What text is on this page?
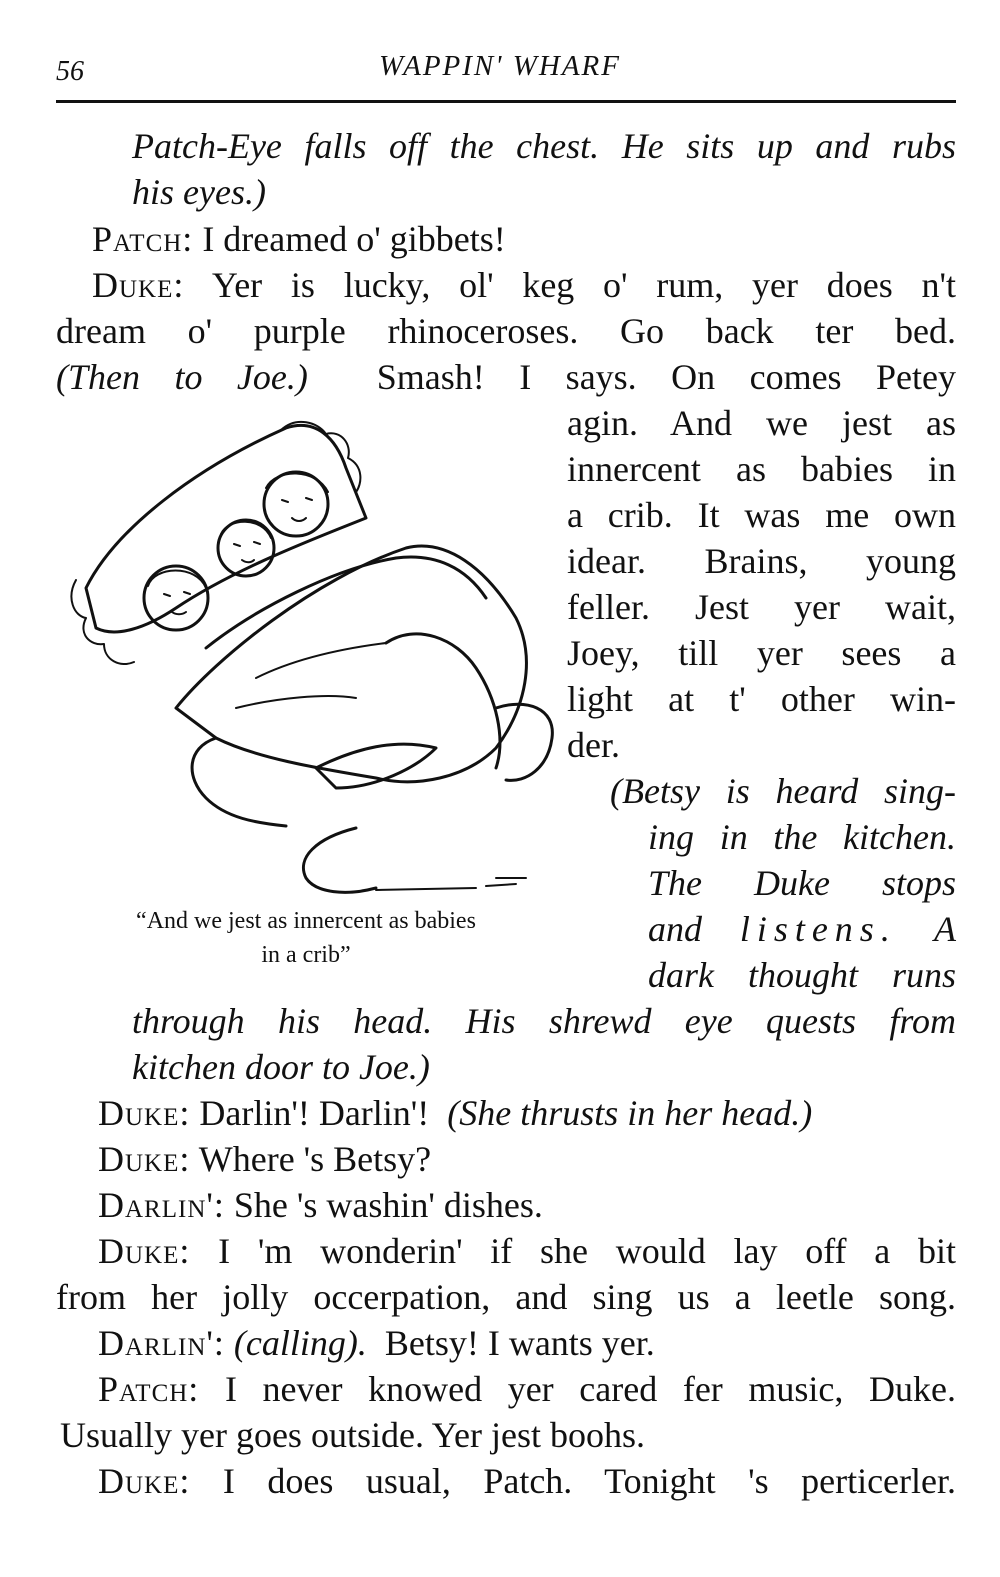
56	WAPPIN' WHARF
Patch-Eye falls off the chest. He sits up and rubs
his eyes.)
Patch: I dreamed o' gibbets!
Duke: Yer is lucky, ol' keg o' rum, yer does n't
dream o' purple rhinoceroses. Go back ter bed.
(Then to Joe.) Smash! I says. On comes Petey
agin. And we jest as
innercent as babies in
a crib. It was me own
idear. Brains, young
feller. Jest yer wait,
Joey, till yer sees a
light at t' other win-
der.
(Betsy is heard sing-
ing in the kitchen.
The Duke stops
and listens. A
dark thought runs
through his head. His shrewd eye quests from
kitchen door to Joe.)
Duke: Darlin'! Darlin'! (She thrusts in her head.)
Duke: Where 's Betsy?
Darlin': She 's washin' dishes.
Duke: I 'm wonderin' if she would lay off a bit
from her jolly occerpation, and sing us a leetle song.
Darlin': (calling). Betsy! I wants yer.
Patch: I never knowed yer cared fer music, Duke.
Usually yer goes outside. Yer jest boohs.
Duke: I does usual, Patch. Tonight 's perticerler.
“And we jest as innercent as babies
in a crib”
